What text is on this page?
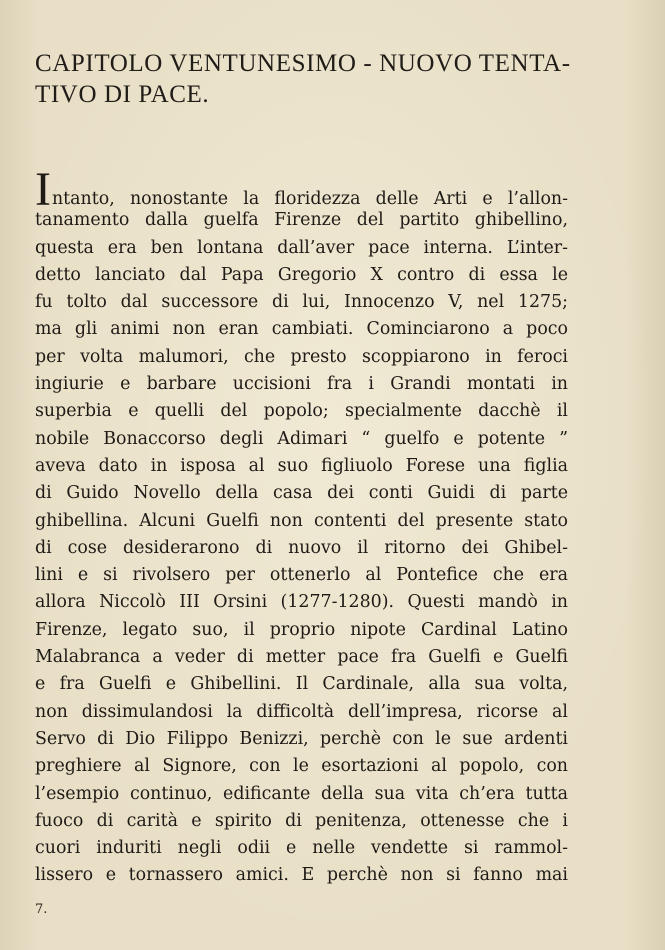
CAPITOLO VENTUNESIMO - NUOVO TENTA-
TIVO DI PACE.
Intanto, nonostante la floridezza delle Arti e l’allon-
tanamento dalla guelfa Firenze del partito ghibellino,
questa era ben lontana dall’aver pace interna. L’inter-
detto lanciato dal Papa Gregorio X contro di essa le
fu tolto dal successore di lui, Innocenzo V, nel 1275;
ma gli animi non eran cambiati. Cominciarono a poco
per volta malumori, che presto scoppiarono in feroci
ingiurie e barbare uccisioni fra i Grandi montati in
superbia e quelli del popolo; specialmente dacchè il
nobile Bonaccorso degli Adimari “ guelfo e potente ”
aveva dato in isposa al suo figliuolo Forese una figlia
di Guido Novello della casa dei conti Guidi di parte
ghibellina. Alcuni Guelfi non contenti del presente stato
di cose desiderarono di nuovo il ritorno dei Ghibel-
lini e si rivolsero per ottenerlo al Pontefice che era
allora Niccolò III Orsini (1277-1280). Questi mandò in
Firenze, legato suo, il proprio nipote Cardinal Latino
Malabranca a veder di metter pace fra Guelfi e Guelfi
e fra Guelfi e Ghibellini. Il Cardinale, alla sua volta,
non dissimulandosi la difficoltà dell’impresa, ricorse al
Servo di Dio Filippo Benizzi, perchè con le sue ardenti
preghiere al Signore, con le esortazioni al popolo, con
l’esempio continuo, edificante della sua vita ch’era tutta
fuoco di carità e spirito di penitenza, ottenesse che i
cuori induriti negli odii e nelle vendette si rammol-
lissero e tornassero amici. E perchè non si fanno mai
7.
